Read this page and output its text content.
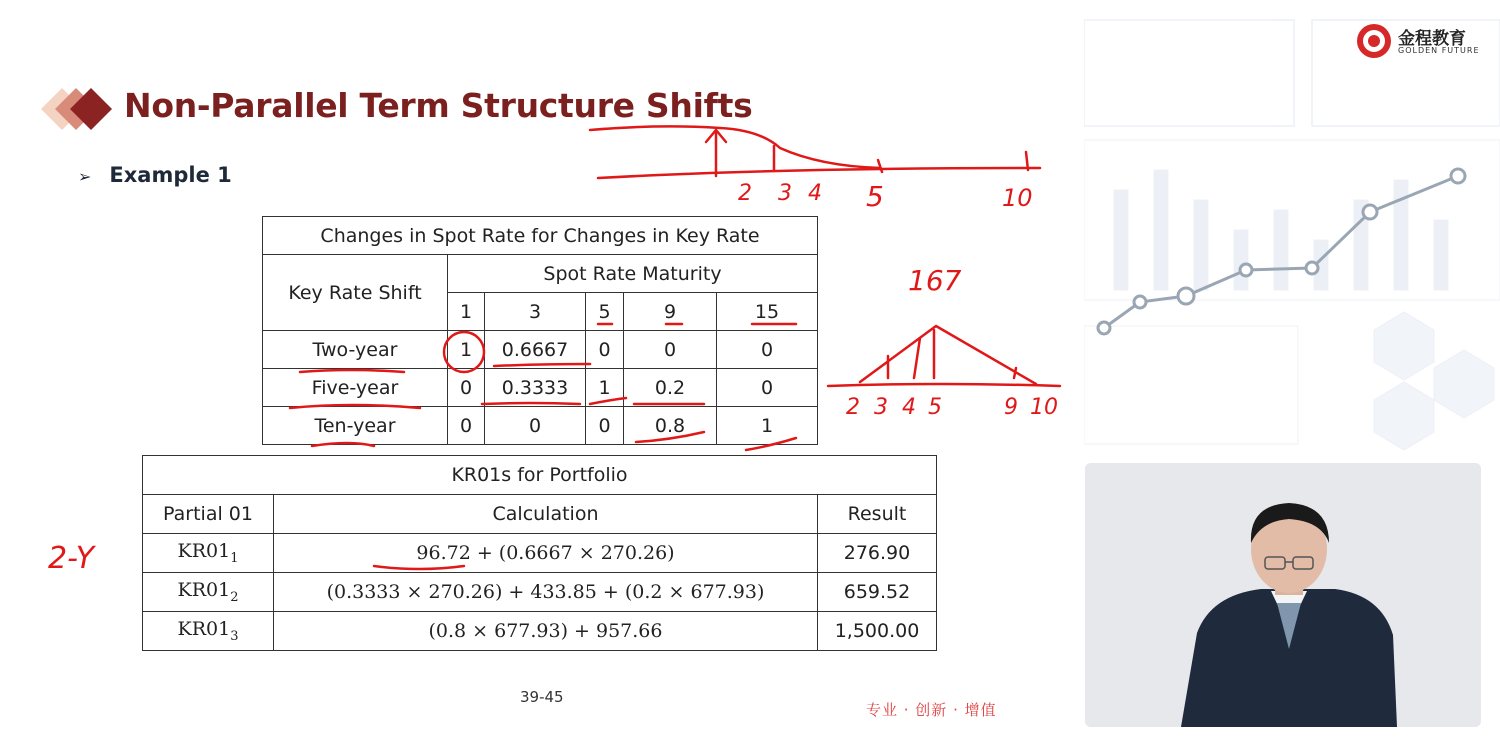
金程教育
GOLDEN FUTURE
Non-Parallel Term Structure Shifts
➢ Example 1
Changes in Spot Rate for Changes in Key Rate					
Key Rate Shift	Spot Rate Maturity				
	1	3	5	9	15
Two-year	1	0.6667	0	0	0
Five-year	0	0.3333	1	0.2	0
Ten-year	0	0	0	0.8	1
KR01s for Portfolio		
Partial 01	Calculation	Result
$KR01_1$	96.72 + (0.6667 × 270.26)	276.90
$KR01_2$	(0.3333 × 270.26) + 433.85 + (0.2 × 677.93)	659.52
$KR01_3$	(0.8 × 677.93) + 957.66	1,500.00
39-45
专业 · 创新 · 增值
2 3 4 5	10
167
2 3 4 5	9 10
2-Y
